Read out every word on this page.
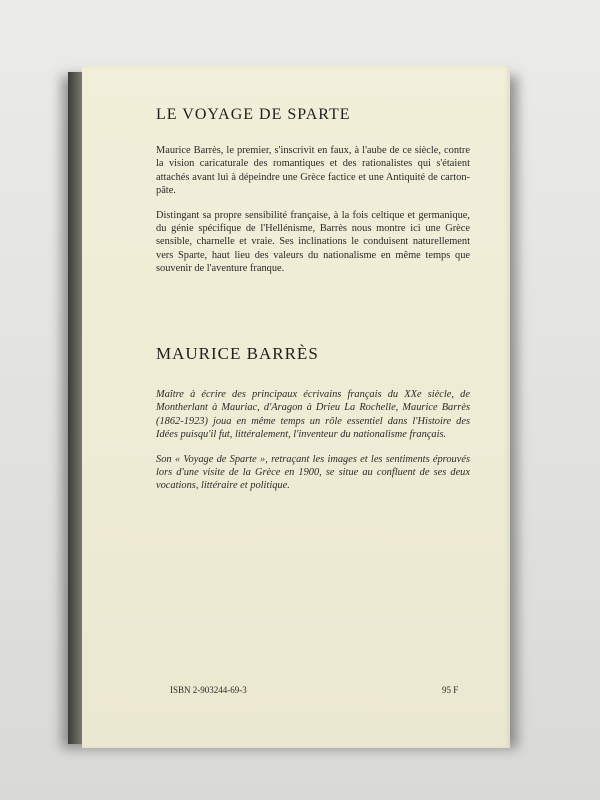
LE VOYAGE DE SPARTE

Maurice Barrès, le premier, s'inscrivit en faux, à l'aube de ce siècle, contre la vision caricaturale des romantiques et des rationalistes qui s'étaient attachés avant lui à dépeindre une Grèce factice et une Antiquité de carton-pâte.

Distingant sa propre sensibilité française, à la fois celtique et germanique, du génie spécifique de l'Hellénisme, Barrès nous montre ici une Grèce sensible, charnelle et vraie. Ses inclinations le conduisent naturellement vers Sparte, haut lieu des valeurs du nationalisme en même temps que souvenir de l'aventure franque.

MAURICE BARRÈS

Maître à écrire des principaux écrivains français du XXe siècle, de Montherlant à Mauriac, d'Aragon à Drieu La Rochelle, Maurice Barrès (1862-1923) joua en même temps un rôle essentiel dans l'Histoire des Idées puisqu'il fut, littéralement, l'inventeur du nationalisme français.

Son « Voyage de Sparte », retraçant les images et les sentiments éprouvés lors d'une visite de la Grèce en 1900, se situe au confluent de ses deux vocations, littéraire et politique.

ISBN 2-903244-69-3	95 F
